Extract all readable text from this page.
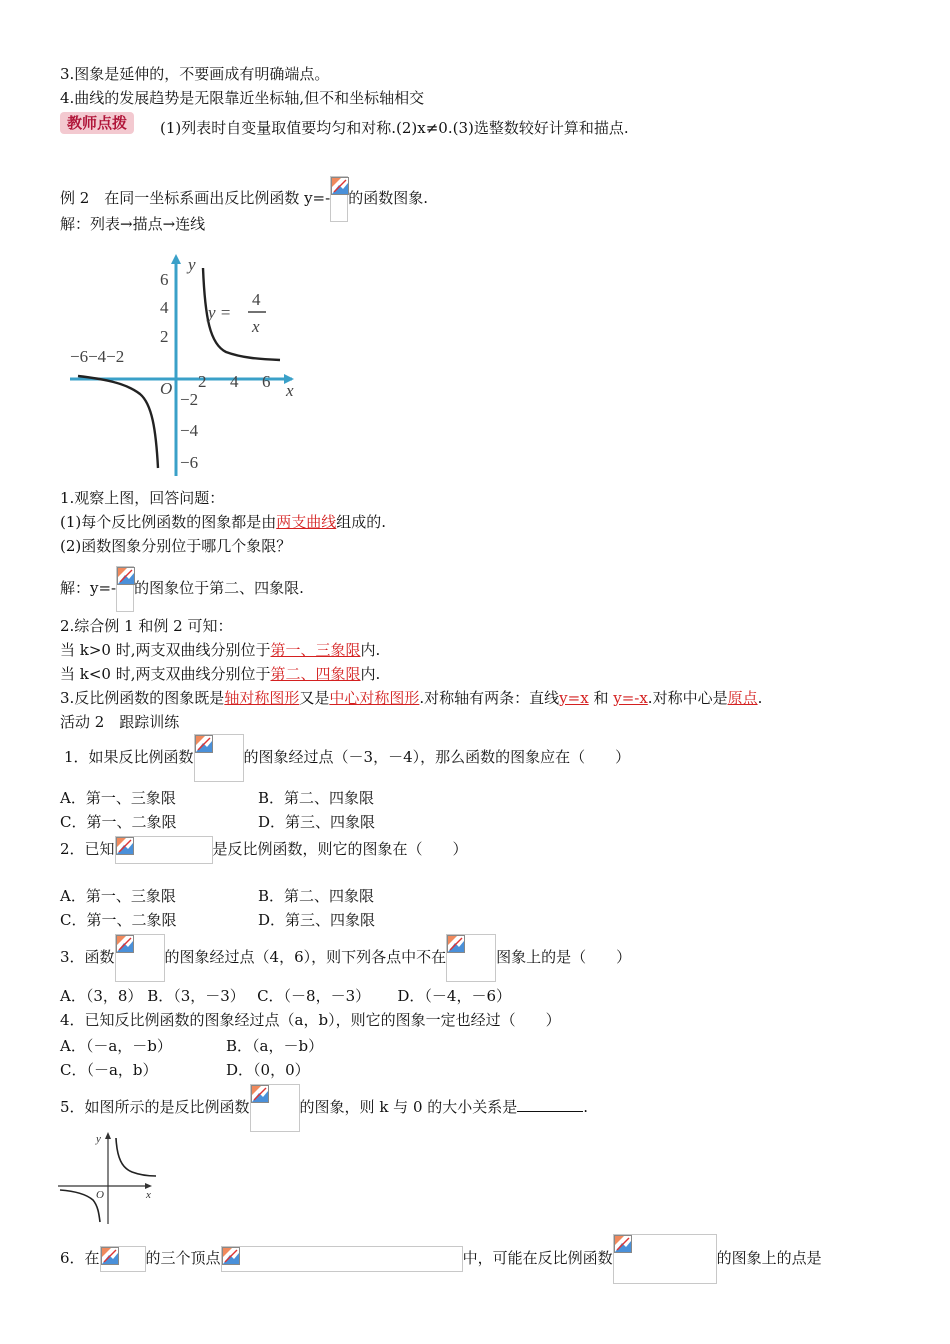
3.图象是延伸的，不要画成有明确端点。
4.曲线的发展趋势是无限靠近坐标轴,但不和坐标轴相交
教师点拨	(1)列表时自变量取值要均匀和对称.(2)x≠0.(3)选整数较好计算和描点.
例 2　在同一坐标系画出反比例函数 y=- 的函数图象.
解：列表→描点→连线
y
x
O
6
4
2
−6−4−2
2 4 6
−2
−4
−6
y =
4
x
1.观察上图，回答问题：
(1)每个反比例函数的图象都是由两支曲线组成的.
(2)函数图象分别位于哪几个象限？
解：y=- 的图象位于第二、四象限.
2.综合例 1 和例 2 可知：
当 k>0 时,两支双曲线分别位于第一、三象限内.
当 k<0 时,两支双曲线分别位于第二、四象限内.
3.反比例函数的图象既是轴对称图形又是中心对称图形.对称轴有两条：直线y=x 和 y=-x.对称中心是原点.
活动 2　跟踪训练
1．如果反比例函数	的图象经过点（－3，－4），那么函数的图象应在（　　）
A．第一、三象限	B．第二、四象限
C．第一、二象限	D．第三、四象限
2．已知	是反比例函数，则它的图象在（　　）
A．第一、三象限	B．第二、四象限
C．第一、二象限	D．第三、四象限
3．函数	的图象经过点（4，6），则下列各点中不在	图象上的是（　　）
A．（3，8） B．（3，－3）　 C．（－8，－3）　　 D．（－4，－6）
4．已知反比例函数的图象经过点（a，b），则它的图象一定也经过（　　）
A．（－a，－b）	B．（a，－b）
C．（－a，b）	D．（0，0）
5．如图所示的是反比例函数	的图象，则 k 与 0 的大小关系是	.
y
x
O
6．在	的三个顶点	中，可能在反比例函数	的图象上的点是
